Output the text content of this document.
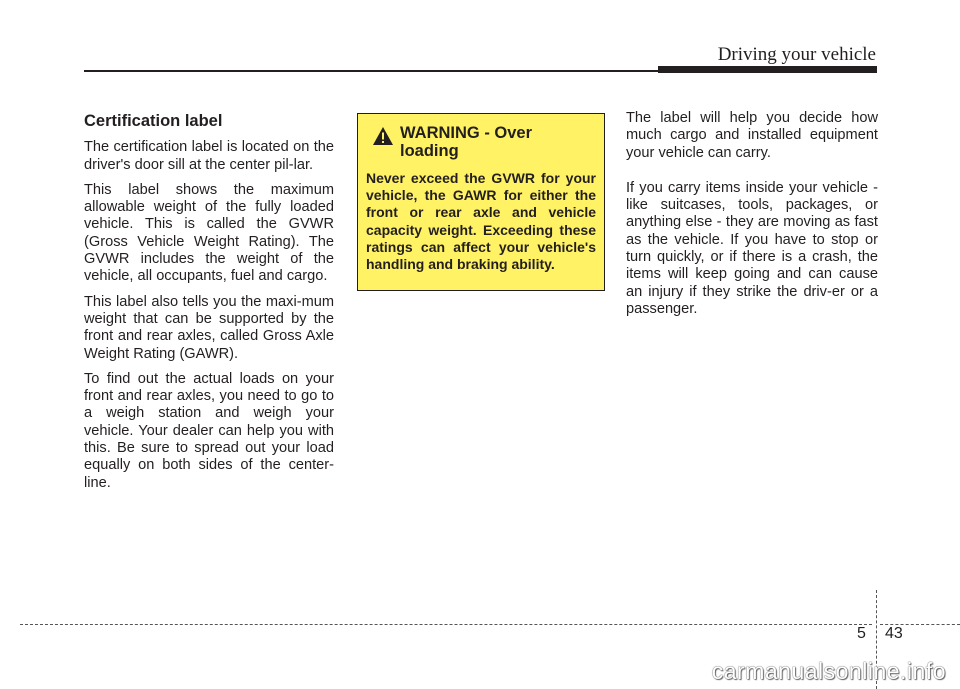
Driving your vehicle
Certification label

The certification label is located on the driver's door sill at the center pil-lar.

This label shows the maximum allowable weight of the fully loaded vehicle. This is called the GVWR (Gross Vehicle Weight Rating). The GVWR includes the weight of the vehicle, all occupants, fuel and cargo.

This label also tells you the maxi-mum weight that can be supported by the front and rear axles, called Gross Axle Weight Rating (GAWR).

To find out the actual loads on your front and rear axles, you need to go to a weigh station and weigh your vehicle. Your dealer can help you with this. Be sure to spread out your load equally on both sides of the center-line.

WARNING - Over loading
Never exceed the GVWR for your vehicle, the GAWR for either the front or rear axle and vehicle capacity weight. Exceeding these ratings can affect your vehicle's handling and braking ability.

The label will help you decide how much cargo and installed equipment your vehicle can carry.

If you carry items inside your vehicle - like suitcases, tools, packages, or anything else - they are moving as fast as the vehicle. If you have to stop or turn quickly, or if there is a crash, the items will keep going and can cause an injury if they strike the driv-er or a passenger.

5 43
carmanualsonline.info
